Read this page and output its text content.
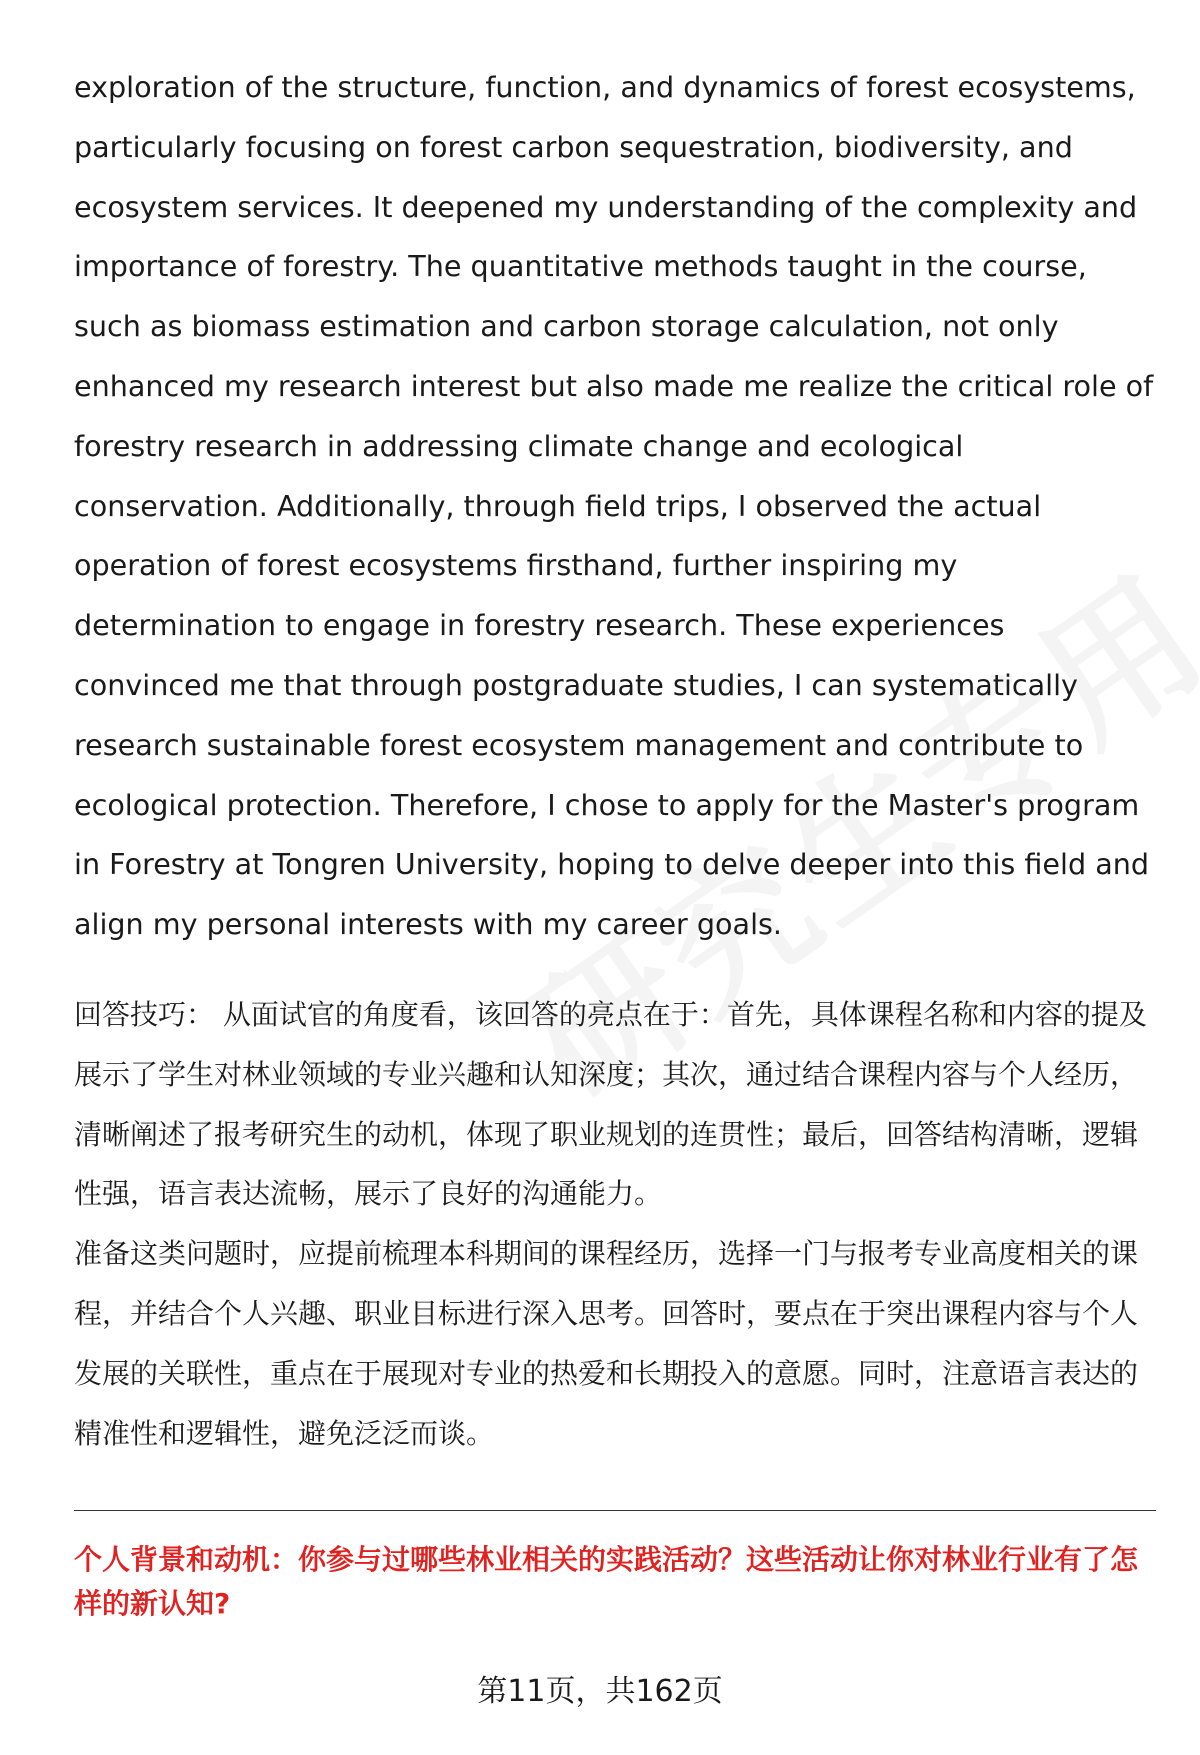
exploration of the structure, function, and dynamics of forest ecosystems, particularly focusing on forest carbon sequestration, biodiversity, and ecosystem services. It deepened my understanding of the complexity and importance of forestry. The quantitative methods taught in the course, such as biomass estimation and carbon storage calculation, not only enhanced my research interest but also made me realize the critical role of forestry research in addressing climate change and ecological conservation. Additionally, through field trips, I observed the actual operation of forest ecosystems firsthand, further inspiring my determination to engage in forestry research. These experiences convinced me that through postgraduate studies, I can systematically research sustainable forest ecosystem management and contribute to ecological protection. Therefore, I chose to apply for the Master's program in Forestry at Tongren University, hoping to delve deeper into this field and align my personal interests with my career goals.

回答技巧： 从面试官的角度看，该回答的亮点在于：首先，具体课程名称和内容的提及展示了学生对林业领域的专业兴趣和认知深度；其次，通过结合课程内容与个人经历，清晰阐述了报考研究生的动机，体现了职业规划的连贯性；最后，回答结构清晰，逻辑性强，语言表达流畅，展示了良好的沟通能力。

准备这类问题时，应提前梳理本科期间的课程经历，选择一门与报考专业高度相关的课程，并结合个人兴趣、职业目标进行深入思考。回答时，要点在于突出课程内容与个人发展的关联性，重点在于展现对专业的热爱和长期投入的意愿。同时，注意语言表达的精准性和逻辑性，避免泛泛而谈。

个人背景和动机：你参与过哪些林业相关的实践活动？这些活动让你对林业行业有了怎样的新认知?

第11页，共162页
